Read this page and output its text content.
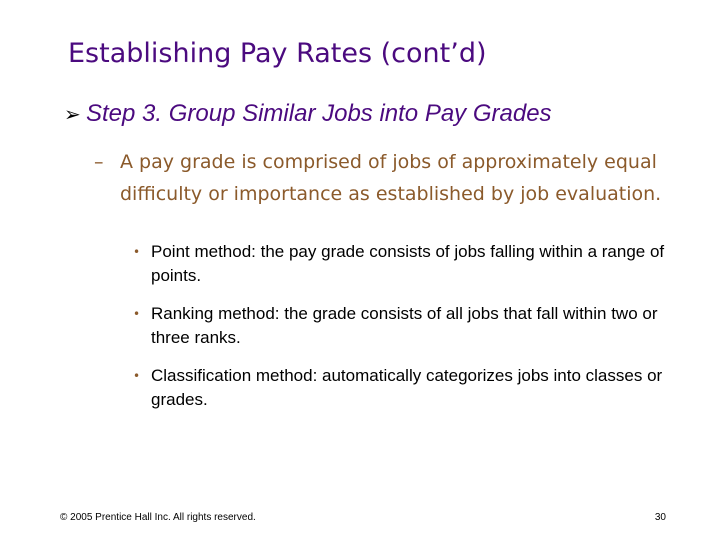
Establishing Pay Rates (cont’d)
➢ Step 3. Group Similar Jobs into Pay Grades
– A pay grade is comprised of jobs of approximately equal difficulty or importance as established by job evaluation.
• Point method: the pay grade consists of jobs falling within a range of points.
• Ranking method: the grade consists of all jobs that fall within two or three ranks.
• Classification method: automatically categorizes jobs into classes or grades.
© 2005 Prentice Hall Inc. All rights reserved.	30
